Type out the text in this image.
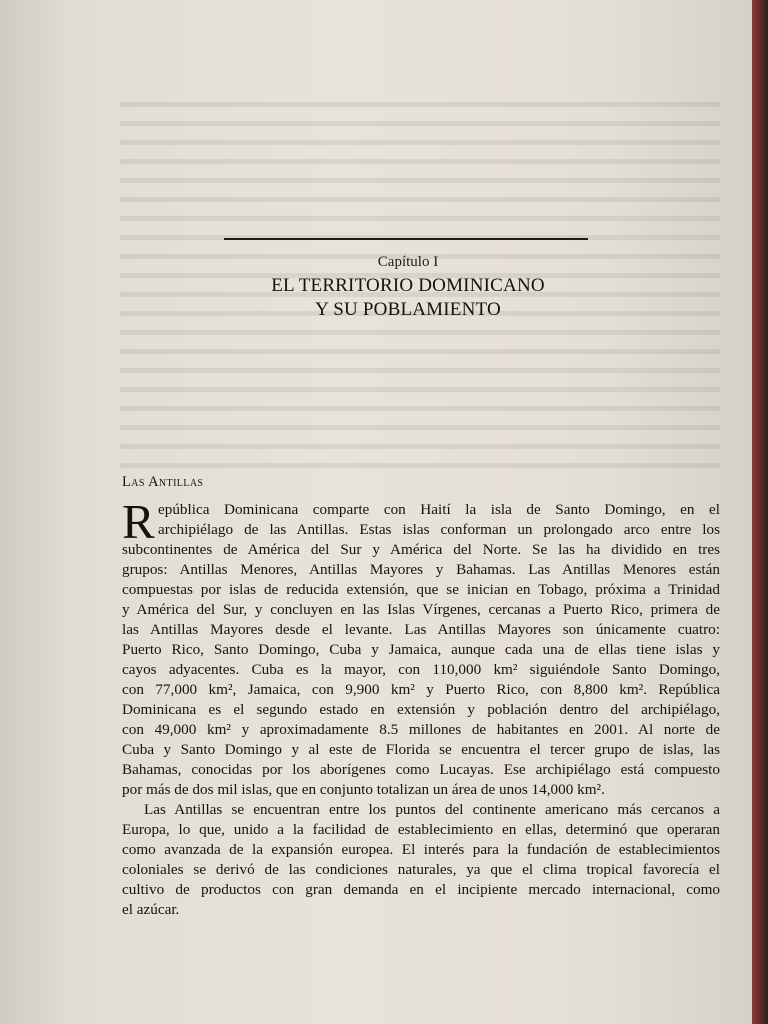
Capítulo I
EL TERRITORIO DOMINICANO
Y SU POBLAMIENTO
Las Antillas
R epública Dominicana comparte con Haití la isla de Santo Domingo, en el
archipiélago de las Antillas. Estas islas conforman un prolongado arco entre los
subcontinentes de América del Sur y América del Norte. Se las ha dividido en tres
grupos: Antillas Menores, Antillas Mayores y Bahamas. Las Antillas Menores están
compuestas por islas de reducida extensión, que se inician en Tobago, próxima a Trinidad
y América del Sur, y concluyen en las Islas Vírgenes, cercanas a Puerto Rico, primera de
las Antillas Mayores desde el levante. Las Antillas Mayores son únicamente cuatro:
Puerto Rico, Santo Domingo, Cuba y Jamaica, aunque cada una de ellas tiene islas y
cayos adyacentes. Cuba es la mayor, con 110,000 km² siguiéndole Santo Domingo,
con 77,000 km², Jamaica, con 9,900 km² y Puerto Rico, con 8,800 km². República
Dominicana es el segundo estado en extensión y población dentro del archipiélago,
con 49,000 km² y aproximadamente 8.5 millones de habitantes en 2001. Al norte de
Cuba y Santo Domingo y al este de Florida se encuentra el tercer grupo de islas, las
Bahamas, conocidas por los aborígenes como Lucayas. Ese archipiélago está compuesto
por más de dos mil islas, que en conjunto totalizan un área de unos 14,000 km².
Las Antillas se encuentran entre los puntos del continente americano más cercanos a
Europa, lo que, unido a la facilidad de establecimiento en ellas, determinó que operaran
como avanzada de la expansión europea. El interés para la fundación de establecimientos
coloniales se derivó de las condiciones naturales, ya que el clima tropical favorecía el
cultivo de productos con gran demanda en el incipiente mercado internacional, como
el azúcar.
